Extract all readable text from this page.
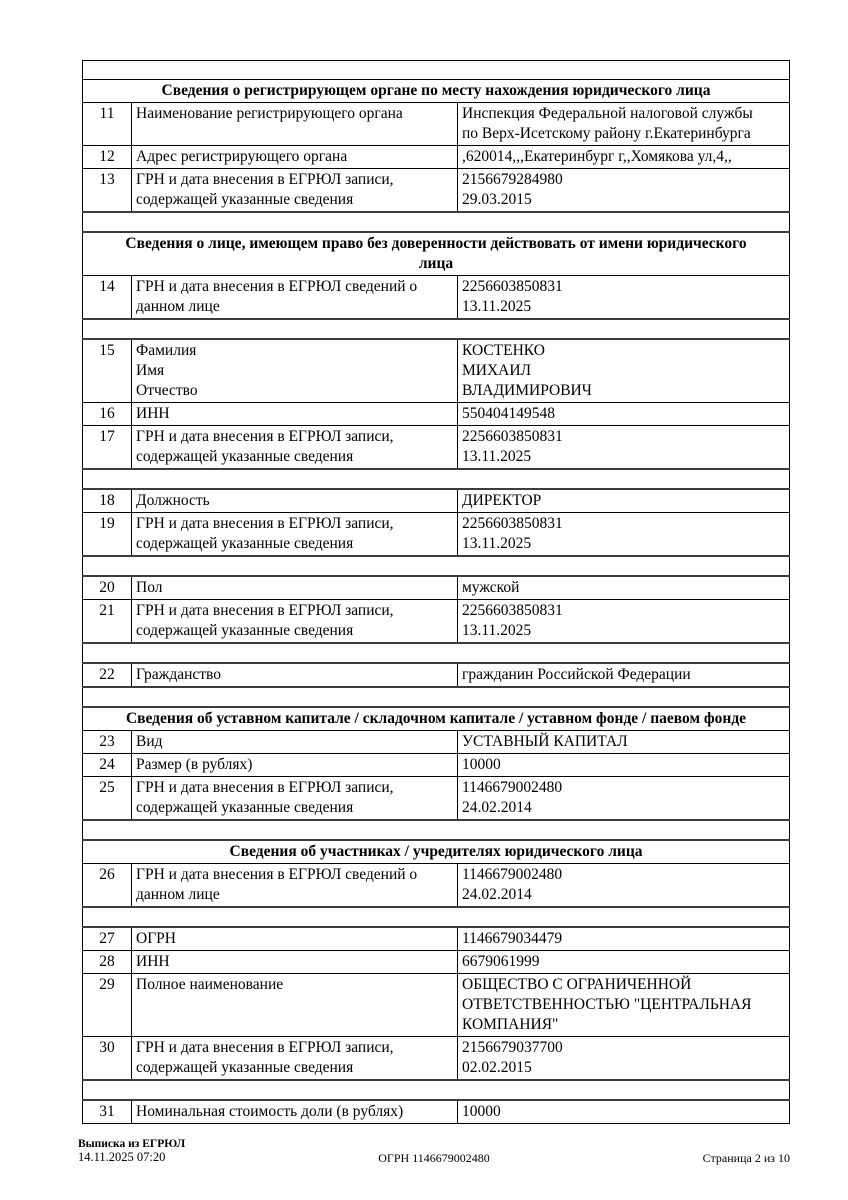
Сведения о регистрирующем органе по месту нахождения юридического лица		
11	Наименование регистрирующего органа	Инспекция Федеральной налоговой службы
по Верх-Исетскому району г.Екатеринбурга
12	Адрес регистрирующего органа	,620014,,,Екатеринбург г,,Хомякова ул,4,,
13	ГРН и дата внесения в ЕГРЮЛ записи,
содержащей указанные сведения	2156679284980
29.03.2015

Сведения о лице, имеющем право без доверенности действовать от имени юридического
лица		
14	ГРН и дата внесения в ЕГРЮЛ сведений о
данном лице	2256603850831
13.11.2025

15	Фамилия
Имя
Отчество	КОСТЕНКО
МИХАИЛ
ВЛАДИМИРОВИЧ
16	ИНН	550404149548
17	ГРН и дата внесения в ЕГРЮЛ записи,
содержащей указанные сведения	2256603850831
13.11.2025

18	Должность	ДИРЕКТОР
19	ГРН и дата внесения в ЕГРЮЛ записи,
содержащей указанные сведения	2256603850831
13.11.2025

20	Пол	мужской
21	ГРН и дата внесения в ЕГРЮЛ записи,
содержащей указанные сведения	2256603850831
13.11.2025

22	Гражданство	гражданин Российской Федерации

Сведения об уставном капитале / складочном капитале / уставном фонде / паевом фонде		
23	Вид	УСТАВНЫЙ КАПИТАЛ
24	Размер (в рублях)	10000
25	ГРН и дата внесения в ЕГРЮЛ записи,
содержащей указанные сведения	1146679002480
24.02.2014

Сведения об участниках / учредителях юридического лица		
26	ГРН и дата внесения в ЕГРЮЛ сведений о
данном лице	1146679002480
24.02.2014

27	ОГРН	1146679034479
28	ИНН	6679061999
29	Полное наименование	ОБЩЕСТВО С ОГРАНИЧЕННОЙ
ОТВЕТСТВЕННОСТЬЮ "ЦЕНТРАЛЬНАЯ
КОМПАНИЯ"
30	ГРН и дата внесения в ЕГРЮЛ записи,
содержащей указанные сведения	2156679037700
02.02.2015

31	Номинальная стоимость доли (в рублях)	10000
Выписка из ЕГРЮЛ
14.11.2025 07:20	ОГРН 1146679002480	Страница 2 из 10
